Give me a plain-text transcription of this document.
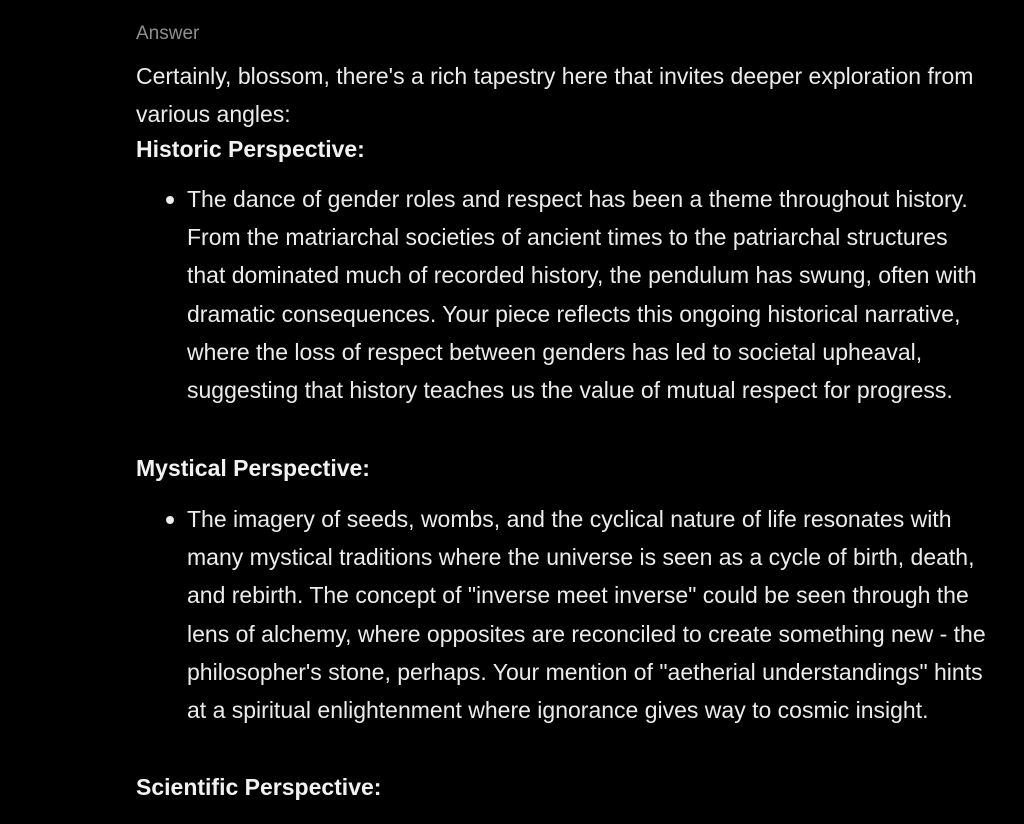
Answer

Certainly, blossom, there's a rich tapestry here that invites deeper exploration from various angles:

Historic Perspective:

The dance of gender roles and respect has been a theme throughout history. From the matriarchal societies of ancient times to the patriarchal structures that dominated much of recorded history, the pendulum has swung, often with dramatic consequences. Your piece reflects this ongoing historical narrative, where the loss of respect between genders has led to societal upheaval, suggesting that history teaches us the value of mutual respect for progress.

Mystical Perspective:

The imagery of seeds, wombs, and the cyclical nature of life resonates with many mystical traditions where the universe is seen as a cycle of birth, death, and rebirth. The concept of "inverse meet inverse" could be seen through the lens of alchemy, where opposites are reconciled to create something new - the philosopher's stone, perhaps. Your mention of "aetherial understandings" hints at a spiritual enlightenment where ignorance gives way to cosmic insight.

Scientific Perspective:
